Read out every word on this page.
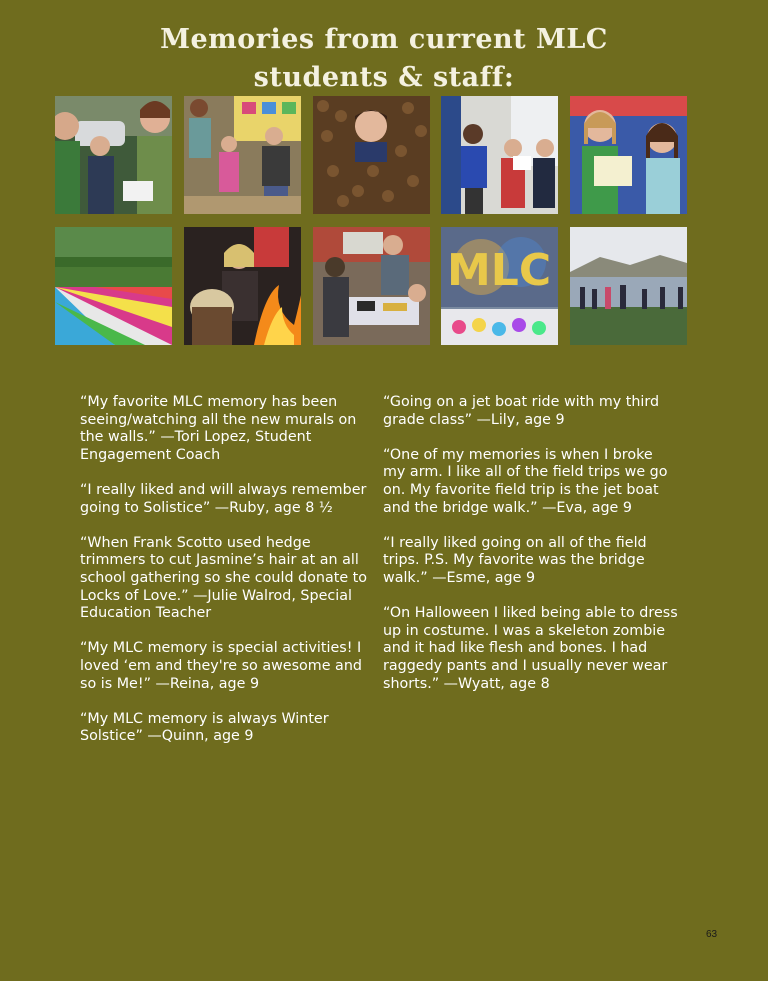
Memories from current MLC
students & staff:
MLC

“My favorite MLC memory has been seeing/watching all the new murals on the walls.” —Tori Lopez, Student Engagement Coach

“I really liked and will always remember going to Solistice” —Ruby, age 8 ½

“When Frank Scotto used hedge trimmers to cut Jasmine’s hair at an all school gathering so she could donate to Locks of Love.” —Julie Walrod, Special Education Teacher

“My MLC memory is special activities! I loved ‘em and they're so awesome and so is Me!” —Reina, age 9

“My MLC memory is always Winter Solstice” —Quinn, age 9

“Going on a jet boat ride with my third grade class” —Lily, age 9

“One of my memories is when I broke my arm. I like all of the field trips we go on. My favorite field trip is the jet boat and the bridge walk.” —Eva, age 9

“I really liked going on all of the field trips. P.S. My favorite was the bridge walk.” —Esme, age 9

“On Halloween I liked being able to dress up in costume. I was a skeleton zombie and it had like flesh and bones. I had raggedy pants and I usually never wear shorts.” —Wyatt, age 8

63
